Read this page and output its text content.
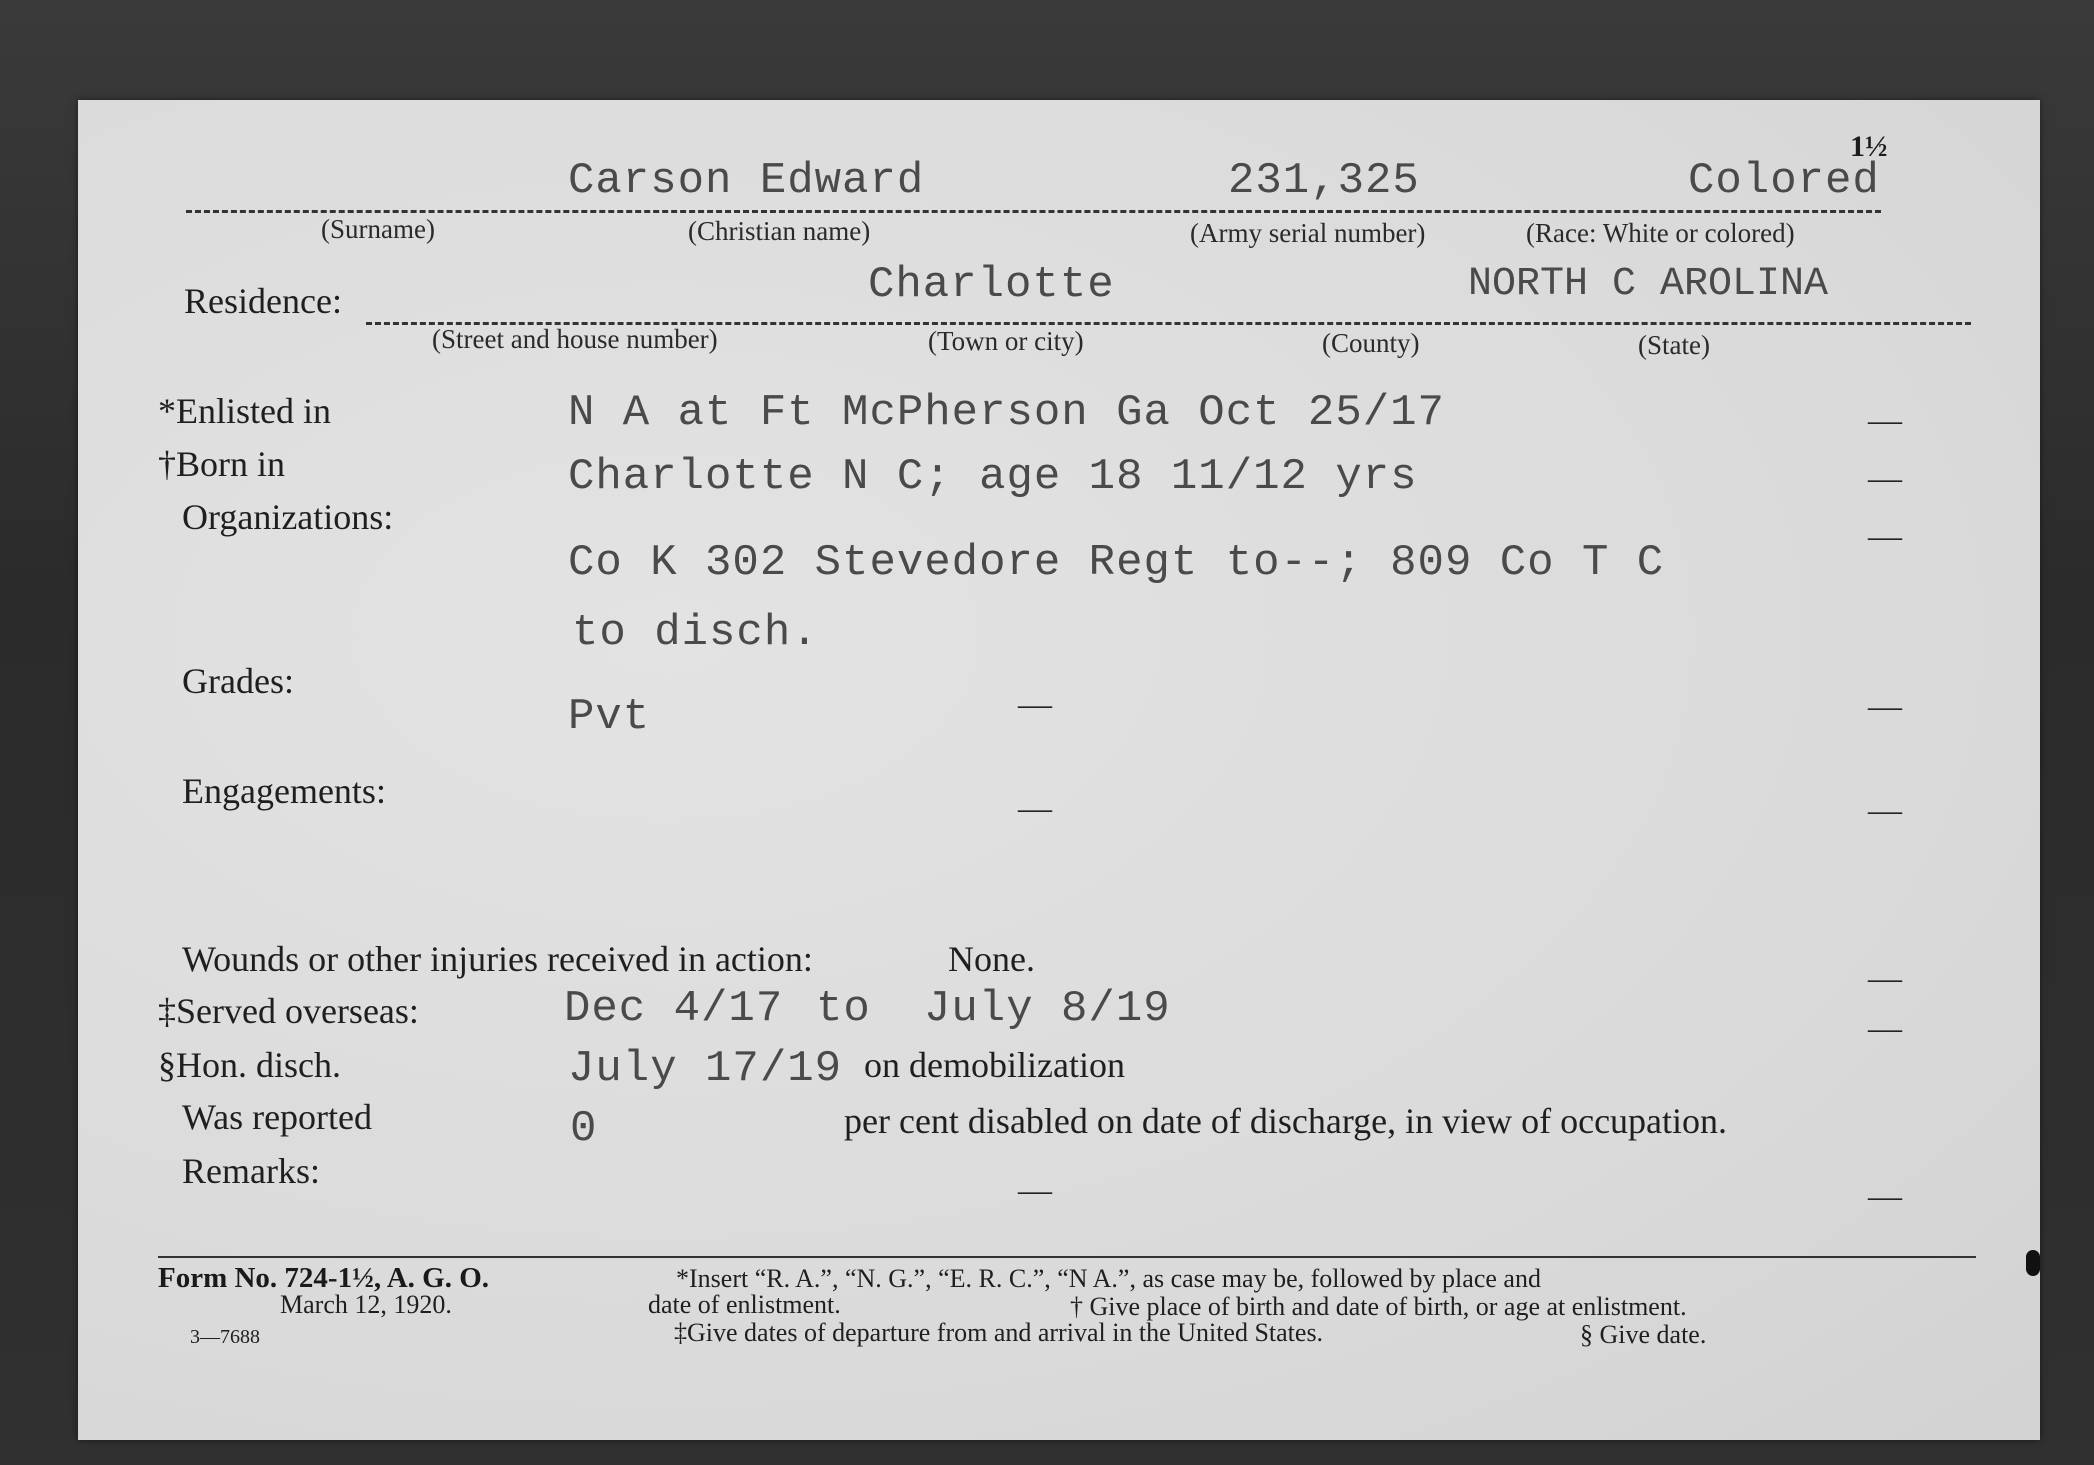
1½
Carson Edward	231,325	Colored
(Surname)	(Christian name)	(Army serial number)	(Race: White or colored)
Residence:	Charlotte	NORTH C AROLINA
(Street and house number)	(Town or city)	(County)	(State)
*Enlisted in	N A at Ft McPherson Ga Oct 25/17	—
†Born in	Charlotte N C; age 18 11/12 yrs	—
Organizations:	—
Co K 302 Stevedore Regt to--; 809 Co T C
to disch.
Grades:
Pvt	—	—
Engagements:	—	—
Wounds or other injuries received in action:	None.
‡Served overseas:	Dec 4/17 to July 8/19
—
§Hon. disch.	July 17/19 on demobilization
—
Was reported	0	per cent disabled on date of discharge, in view of occupation.
Remarks:	—	—
Form No. 724-1½, A. G. O.
March 12, 1920.
3—7688
*Insert “R. A.”, “N. G.”, “E. R. C.”, “N A.”, as case may be, followed by place and
date of enlistment.	† Give place of birth and date of birth, or age at enlistment.
‡Give dates of departure from and arrival in the United States.	§ Give date.
